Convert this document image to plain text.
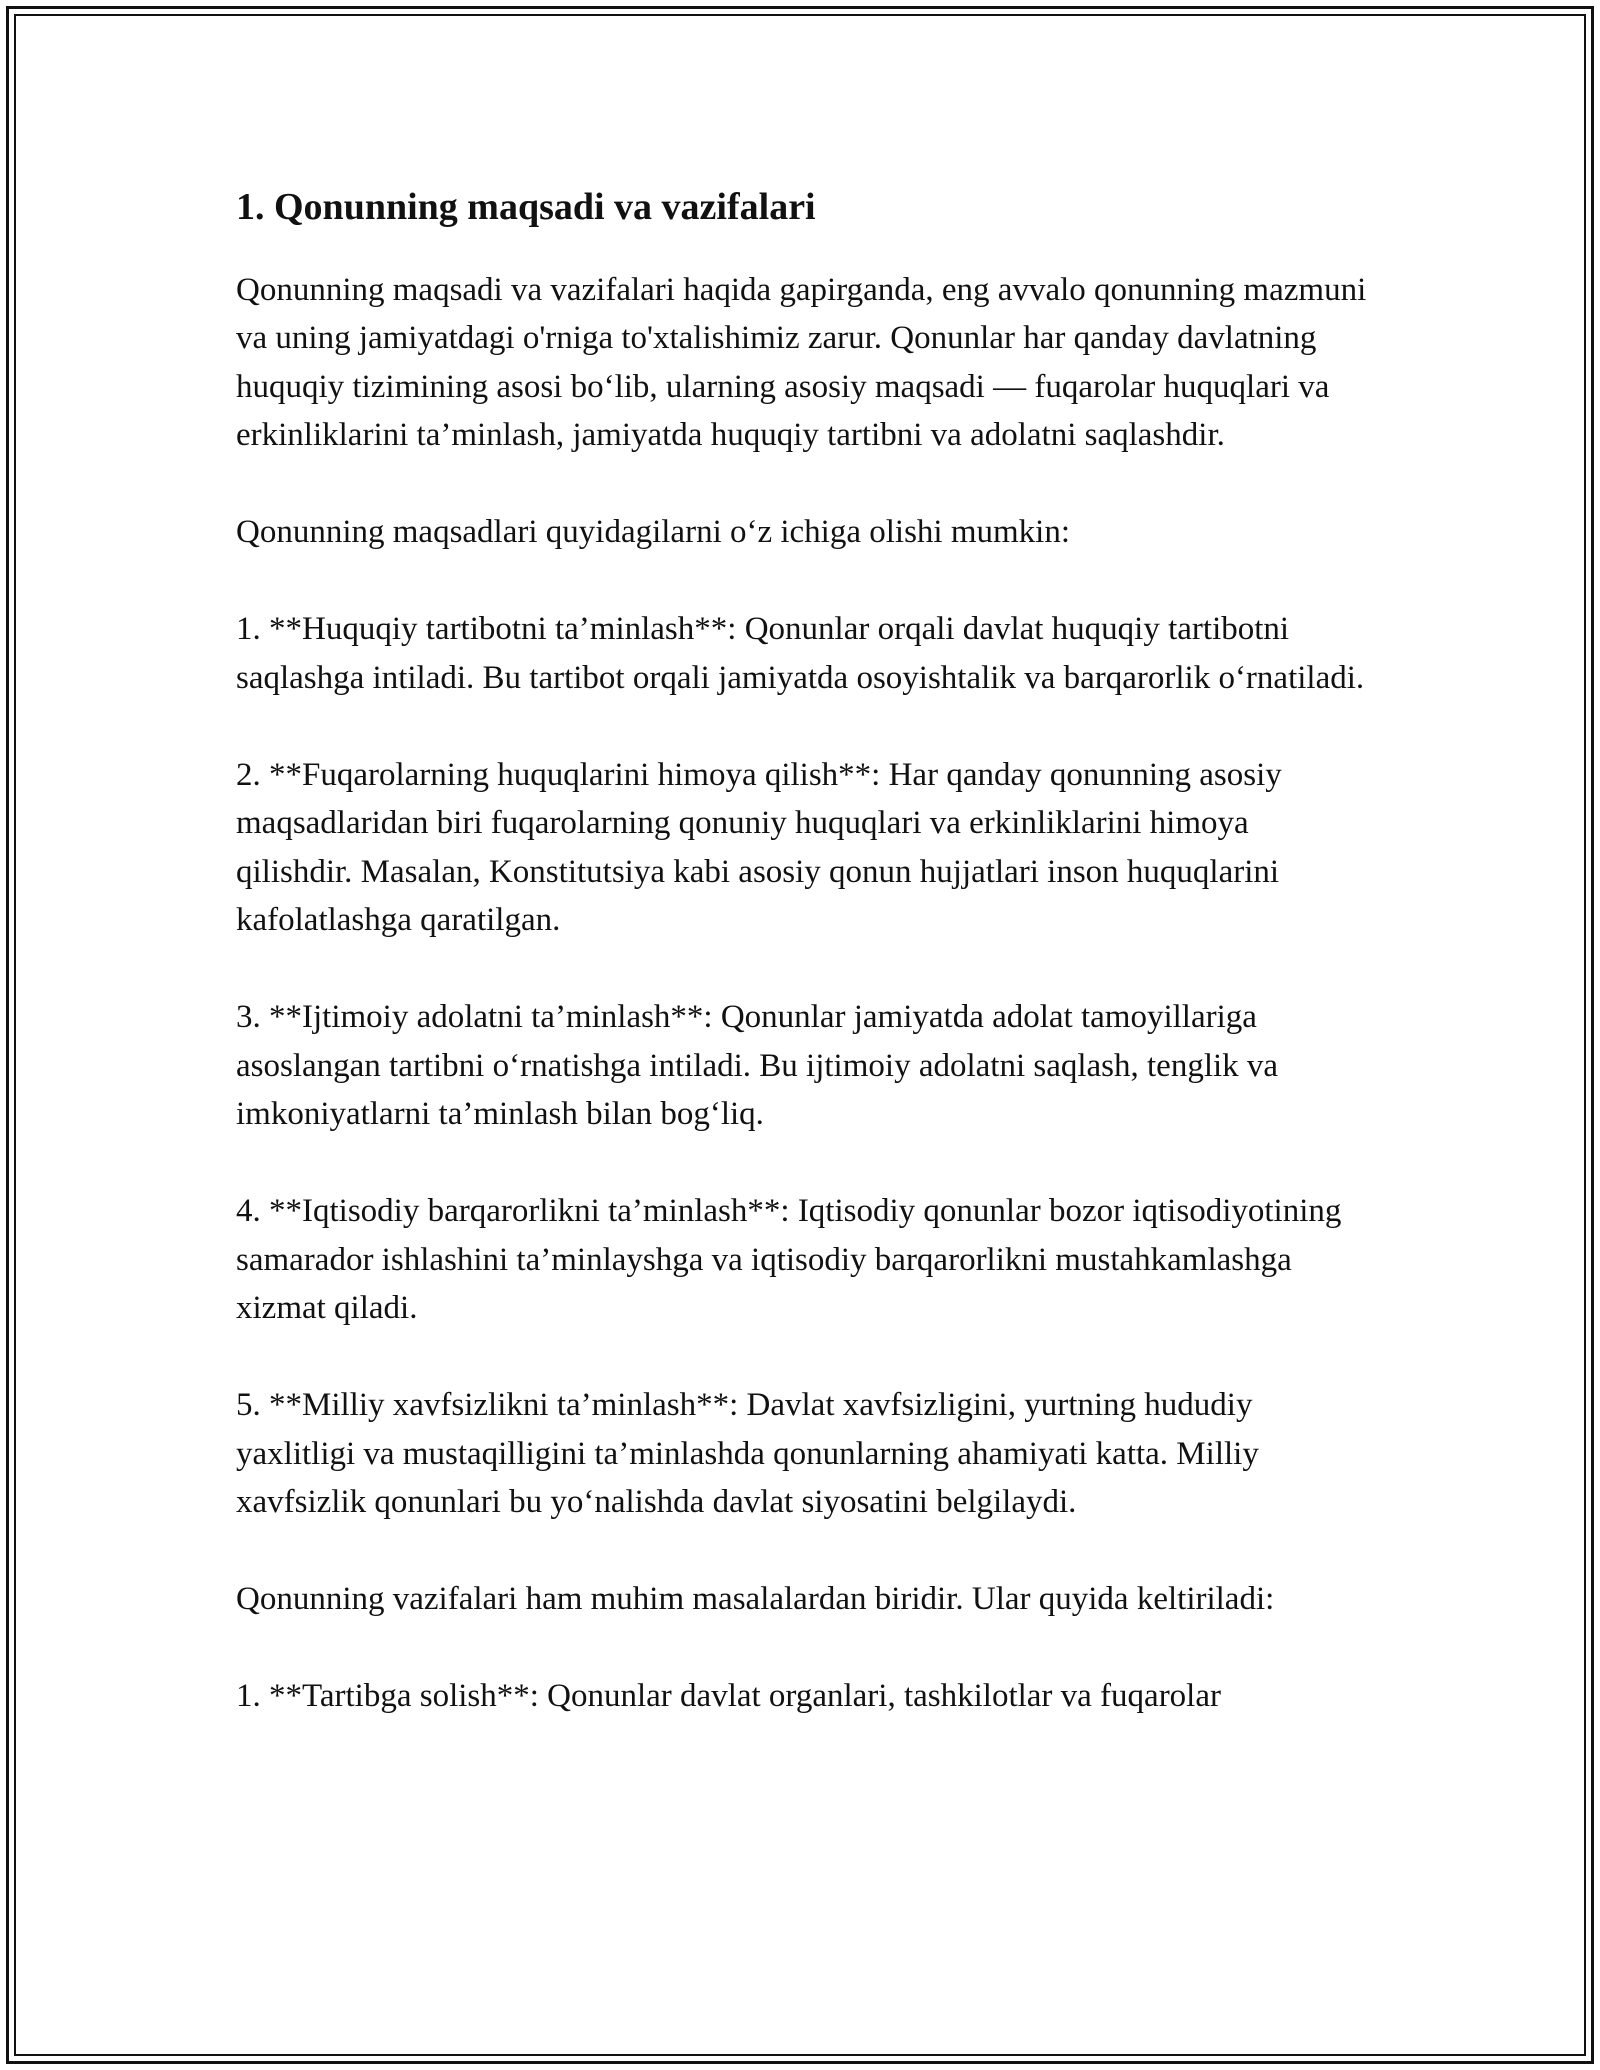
1. Qonunning maqsadi va vazifalari

Qonunning maqsadi va vazifalari haqida gapirganda, eng avvalo qonunning mazmuni va uning jamiyatdagi o'rniga to'xtalishimiz zarur. Qonunlar har qanday davlatning huquqiy tizimining asosi bo‘lib, ularning asosiy maqsadi — fuqarolar huquqlari va erkinliklarini ta’minlash, jamiyatda huquqiy tartibni va adolatni saqlashdir.

Qonunning maqsadlari quyidagilarni o‘z ichiga olishi mumkin:

1. **Huquqiy tartibotni ta’minlash**: Qonunlar orqali davlat huquqiy tartibotni saqlashga intiladi. Bu tartibot orqali jamiyatda osoyishtalik va barqarorlik o‘rnatiladi.

2. **Fuqarolarning huquqlarini himoya qilish**: Har qanday qonunning asosiy maqsadlaridan biri fuqarolarning qonuniy huquqlari va erkinliklarini himoya qilishdir. Masalan, Konstitutsiya kabi asosiy qonun hujjatlari inson huquqlarini kafolatlashga qaratilgan.

3. **Ijtimoiy adolatni ta’minlash**: Qonunlar jamiyatda adolat tamoyillariga asoslangan tartibni o‘rnatishga intiladi. Bu ijtimoiy adolatni saqlash, tenglik va imkoniyatlarni ta’minlash bilan bog‘liq.

4. **Iqtisodiy barqarorlikni ta’minlash**: Iqtisodiy qonunlar bozor iqtisodiyotining samarador ishlashini ta’minlayshga va iqtisodiy barqarorlikni mustahkamlashga xizmat qiladi.

5. **Milliy xavfsizlikni ta’minlash**: Davlat xavfsizligini, yurtning hududiy yaxlitligi va mustaqilligini ta’minlashda qonunlarning ahamiyati katta. Milliy xavfsizlik qonunlari bu yo‘nalishda davlat siyosatini belgilaydi.

Qonunning vazifalari ham muhim masalalardan biridir. Ular quyida keltiriladi:

1. **Tartibga solish**: Qonunlar davlat organlari, tashkilotlar va fuqarolar
